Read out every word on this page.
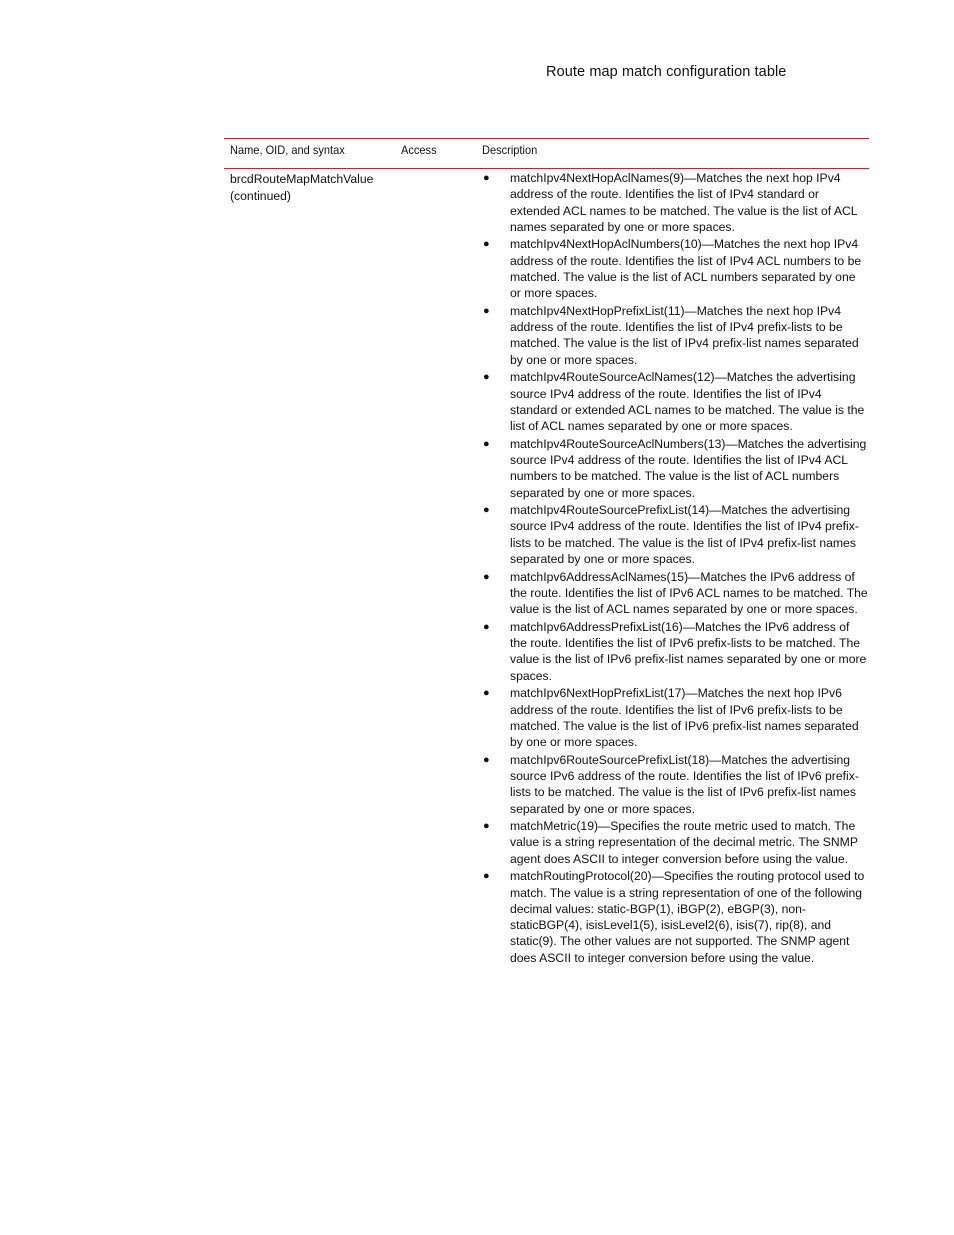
Route map match configuration table
Name, OID, and syntax	Access	Description
brcdRouteMapMatchValue
(continued)
● matchIpv4NextHopAclNames(9)—Matches the next hop IPv4 address of the route. Identifies the list of IPv4 standard or extended ACL names to be matched. The value is the list of ACL names separated by one or more spaces.
● matchIpv4NextHopAclNumbers(10)—Matches the next hop IPv4 address of the route. Identifies the list of IPv4 ACL numbers to be matched. The value is the list of ACL numbers separated by one or more spaces.
● matchIpv4NextHopPrefixList(11)—Matches the next hop IPv4 address of the route. Identifies the list of IPv4 prefix-lists to be matched. The value is the list of IPv4 prefix-list names separated by one or more spaces.
● matchIpv4RouteSourceAclNames(12)—Matches the advertising source IPv4 address of the route. Identifies the list of IPv4 standard or extended ACL names to be matched. The value is the list of ACL names separated by one or more spaces.
● matchIpv4RouteSourceAclNumbers(13)—Matches the advertising source IPv4 address of the route. Identifies the list of IPv4 ACL numbers to be matched. The value is the list of ACL numbers separated by one or more spaces.
● matchIpv4RouteSourcePrefixList(14)—Matches the advertising source IPv4 address of the route. Identifies the list of IPv4 prefix-lists to be matched. The value is the list of IPv4 prefix-list names separated by one or more spaces.
● matchIpv6AddressAclNames(15)—Matches the IPv6 address of the route. Identifies the list of IPv6 ACL names to be matched. The value is the list of ACL names separated by one or more spaces.
● matchIpv6AddressPrefixList(16)—Matches the IPv6 address of the route. Identifies the list of IPv6 prefix-lists to be matched. The value is the list of IPv6 prefix-list names separated by one or more spaces.
● matchIpv6NextHopPrefixList(17)—Matches the next hop IPv6 address of the route. Identifies the list of IPv6 prefix-lists to be matched. The value is the list of IPv6 prefix-list names separated by one or more spaces.
● matchIpv6RouteSourcePrefixList(18)—Matches the advertising source IPv6 address of the route. Identifies the list of IPv6 prefix-lists to be matched. The value is the list of IPv6 prefix-list names separated by one or more spaces.
● matchMetric(19)—Specifies the route metric used to match. The value is a string representation of the decimal metric. The SNMP agent does ASCII to integer conversion before using the value.
● matchRoutingProtocol(20)—Specifies the routing protocol used to match. The value is a string representation of one of the following decimal values: static-BGP(1), iBGP(2), eBGP(3), non-staticBGP(4), isisLevel1(5), isisLevel2(6), isis(7), rip(8), and static(9). The other values are not supported. The SNMP agent does ASCII to integer conversion before using the value.
